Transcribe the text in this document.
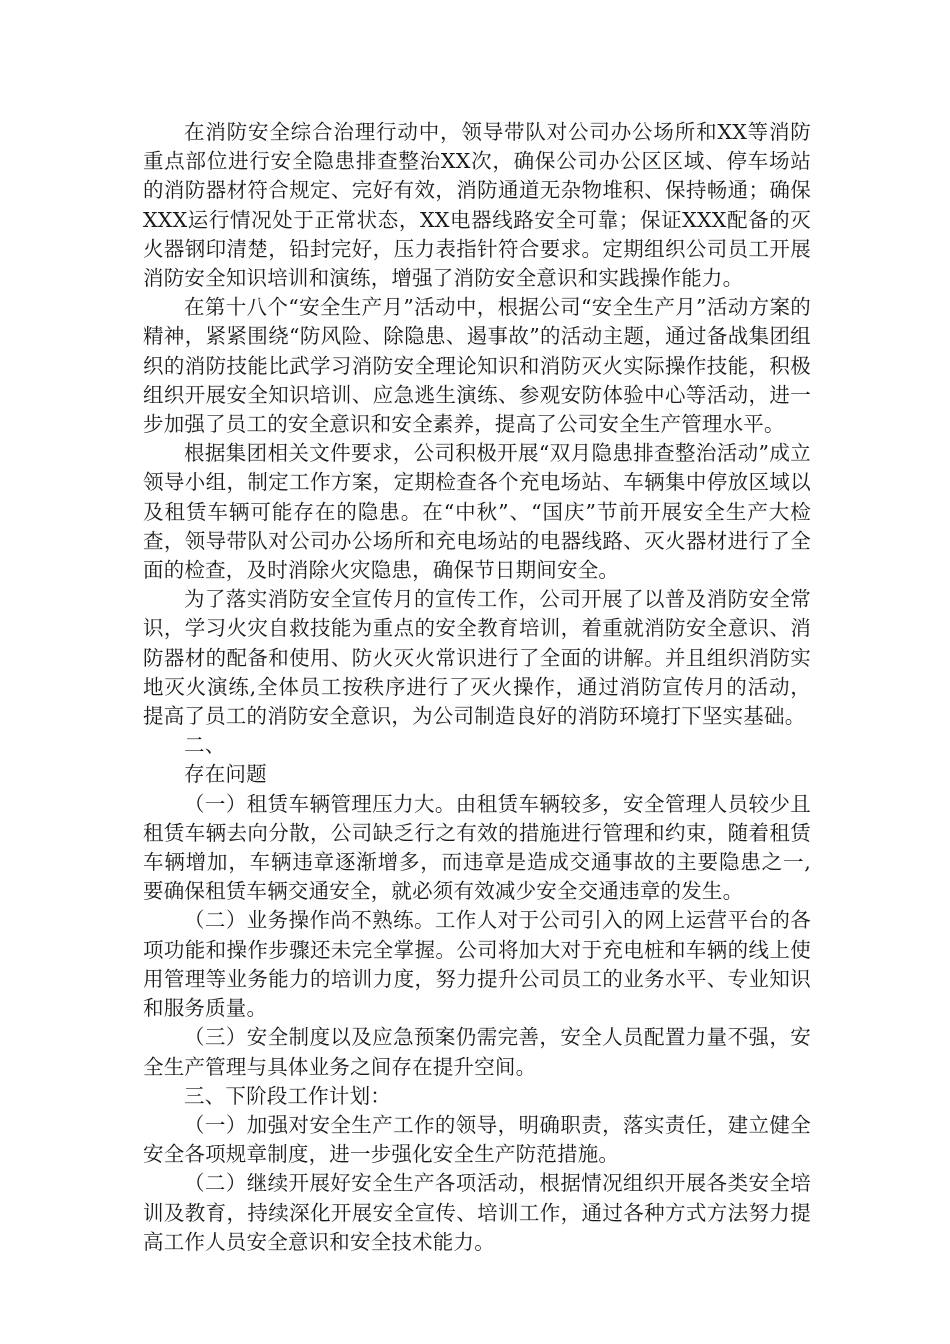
在消防安全综合治理行动中，领导带队对公司办公场所和XX等消防重点部位进行安全隐患排查整治XX次，确保公司办公区区域、停车场站的消防器材符合规定、完好有效，消防通道无杂物堆积、保持畅通；确保XXX运行情况处于正常状态，XX电器线路安全可靠；保证XXX配备的灭火器钢印清楚，铅封完好，压力表指针符合要求。定期组织公司员工开展消防安全知识培训和演练，增强了消防安全意识和实践操作能力。

在第十八个“安全生产月”活动中，根据公司“安全生产月”活动方案的精神，紧紧围绕“防风险、除隐患、遏事故”的活动主题，通过备战集团组织的消防技能比武学习消防安全理论知识和消防灭火实际操作技能，积极组织开展安全知识培训、应急逃生演练、参观安防体验中心等活动，进一步加强了员工的安全意识和安全素养，提高了公司安全生产管理水平。

根据集团相关文件要求，公司积极开展“双月隐患排查整治活动”成立领导小组，制定工作方案，定期检查各个充电场站、车辆集中停放区域以及租赁车辆可能存在的隐患。在“中秋”、“国庆”节前开展安全生产大检查，领导带队对公司办公场所和充电场站的电器线路、灭火器材进行了全面的检查，及时消除火灾隐患，确保节日期间安全。

为了落实消防安全宣传月的宣传工作，公司开展了以普及消防安全常识，学习火灾自救技能为重点的安全教育培训，着重就消防安全意识、消防器材的配备和使用、防火灭火常识进行了全面的讲解。并且组织消防实地灭火演练,全体员工按秩序进行了灭火操作，通过消防宣传月的活动，提高了员工的消防安全意识，为公司制造良好的消防环境打下坚实基础。

二、

存在问题

（一）租赁车辆管理压力大。由租赁车辆较多，安全管理人员较少且租赁车辆去向分散，公司缺乏行之有效的措施进行管理和约束，随着租赁车辆增加，车辆违章逐渐增多，而违章是造成交通事故的主要隐患之一,要确保租赁车辆交通安全，就必须有效减少安全交通违章的发生。

（二）业务操作尚不熟练。工作人对于公司引入的网上运营平台的各项功能和操作步骤还未完全掌握。公司将加大对于充电桩和车辆的线上使用管理等业务能力的培训力度，努力提升公司员工的业务水平、专业知识和服务质量。

（三）安全制度以及应急预案仍需完善，安全人员配置力量不强，安全生产管理与具体业务之间存在提升空间。

三、下阶段工作计划：

（一）加强对安全生产工作的领导，明确职责，落实责任，建立健全安全各项规章制度，进一步强化安全生产防范措施。

（二）继续开展好安全生产各项活动，根据情况组织开展各类安全培训及教育，持续深化开展安全宣传、培训工作，通过各种方式方法努力提高工作人员安全意识和安全技术能力。
